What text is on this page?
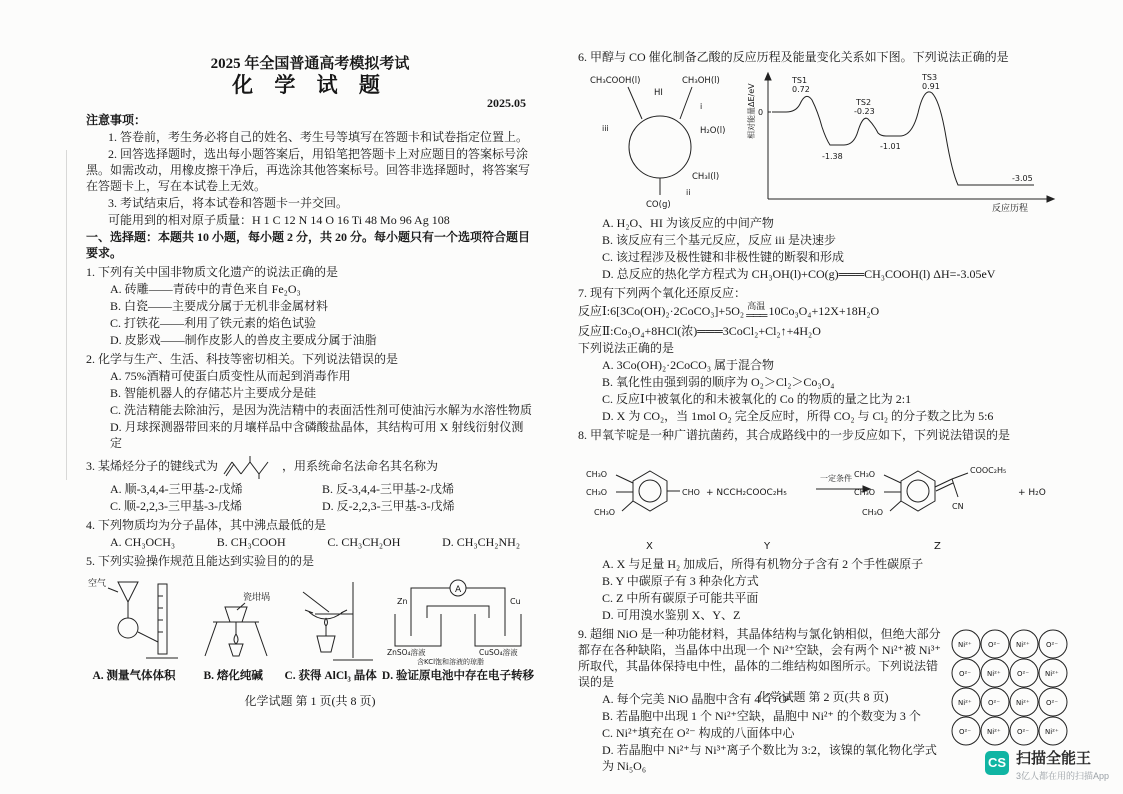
2025 年全国普通高考模拟考试
化 学 试 题
2025.05
注意事项：
1. 答卷前，考生务必将自己的姓名、考生号等填写在答题卡和试卷指定位置上。
2. 回答选择题时，选出每小题答案后，用铅笔把答题卡上对应题目的答案标号涂黑。如需改动，用橡皮擦干净后，再选涂其他答案标号。回答非选择题时，将答案写在答题卡上，写在本试卷上无效。
3. 考试结束后，将本试卷和答题卡一并交回。
可能用到的相对原子质量：H 1 C 12 N 14 O 16 Ti 48 Mo 96 Ag 108
一、选择题：本题共 10 小题，每小题 2 分，共 20 分。每小题只有一个选项符合题目要求。
1. 下列有关中国非物质文化遗产的说法正确的是
A. 砖雕——青砖中的青色来自 Fe₂O₃
B. 白瓷——主要成分属于无机非金属材料
C. 打铁花——利用了铁元素的焰色试验
D. 皮影戏——制作皮影人的兽皮主要成分属于油脂
2. 化学与生产、生活、科技等密切相关。下列说法错误的是
A. 75%酒精可使蛋白质变性从而起到消毒作用
B. 智能机器人的存储芯片主要成分是硅
C. 洗洁精能去除油污，是因为洗洁精中的表面活性剂可使油污水解为水溶性物质
D. 月球探测器带回来的月壤样品中含磷酸盐晶体，其结构可用 X 射线衍射仪测定
3. 某烯烃分子的键线式为	，用系统命名法命名其名称为
A. 顺-3,4,4-三甲基-2-戊烯	B. 反-3,4,4-三甲基-2-戊烯
C. 顺-2,2,3-三甲基-3-戊烯	D. 反-2,2,3-三甲基-3-戊烯
4. 下列物质均为分子晶体，其中沸点最低的是
A. CH₃OCH₃	B. CH₃COOH	C. CH₃CH₂OH	D. CH₃CH₂NH₂
5. 下列实验操作规范且能达到实验目的的是
空气
A. 测量气体体积
瓷坩埚
B. 熔化纯碱	C. 获得 AlCl₃ 晶体
A
Zn	Cu
ZnSO₄溶液	CuSO₄溶液
含KCl饱和溶液的琼脂
D. 验证原电池中存在电子转移
化学试题 第 1 页(共 8 页)
6. 甲醇与 CO 催化制备乙酸的反应历程及能量变化关系如下图。下列说法正确的是
CH₃COOH(l)
HI
CH₃OH(l)
H₂O(l)
CH₃I(l)
CO(g)
i
ii
iii	相对能量ΔE/eV
反应历程
0
TS1
0.72
-1.38
TS2
-0.23
-1.01
TS3
0.91
-3.05
A. H₂O、HI 为该反应的中间产物
B. 该反应有三个基元反应，反应 iii 是决速步
C. 该过程涉及极性键和非极性键的断裂和形成
D. 总反应的热化学方程式为 CH₃OH(l)+CO(g)═══CH₃COOH(l) ΔH=-3.05eV
7. 现有下列两个氧化还原反应：
反应Ⅰ:6[3Co(OH)₂·2CoCO₃]+5O₂ 高温
═══ 10Co₃O₄+12X+18H₂O
反应Ⅱ:Co₃O₄+8HCl(浓)═══3CoCl₂+Cl₂↑+4H₂O
下列说法正确的是
A. 3Co(OH)₂·2CoCO₃ 属于混合物
B. 氧化性由强到弱的顺序为 O₂＞Cl₂＞Co₃O₄
C. 反应Ⅰ中被氧化的和未被氧化的 Co 的物质的量之比为 2:1
D. X 为 CO₂，当 1mol O₂ 完全反应时，所得 CO₂ 与 Cl₂ 的分子数之比为 5:6
8. 甲氧苄啶是一种广谱抗菌药，其合成路线中的一步反应如下，下列说法错误的是
CH₃O
CH₃O
CH₃O
CHO + NCCH₂COOC₂H₅
一定条件 CH₃O
CH₃O
CH₃O
COOC₂H₅
CN
+ H₂O
X	Y	Z
A. X 与足量 H₂ 加成后，所得有机物分子含有 2 个手性碳原子
B. Y 中碳原子有 3 种杂化方式
C. Z 中所有碳原子可能共平面
D. 可用溴水鉴别 X、Y、Z
Ni²⁺ O²⁻ Ni²⁺ O²⁻
O²⁻ Ni²⁺ O²⁻ Ni²⁺
Ni²⁺ O²⁻ Ni²⁺ O²⁻
O²⁻ Ni²⁺ O²⁻ Ni²⁺
9. 超细 NiO 是一种功能材料，其晶体结构与氯化钠相似，但绝大部分都存在各种缺陷，当晶体中出现一个 Ni²⁺空缺，会有两个 Ni²⁺被 Ni³⁺所取代，其晶体保持电中性，晶体的二维结构如图所示。下列说法错误的是
A. 每个完美 NiO 晶胞中含有 4 个 O²⁻
B. 若晶胞中出现 1 个 Ni²⁺空缺，晶胞中 Ni²⁺ 的个数变为 3 个
C. Ni²⁺填充在 O²⁻ 构成的八面体中心
D. 若晶胞中 Ni²⁺与 Ni³⁺离子个数比为 3:2，该镍的氧化物化学式为 Ni₅O₆
化学试题 第 2 页(共 8 页)
CS 扫描全能王
3亿人都在用的扫描App
